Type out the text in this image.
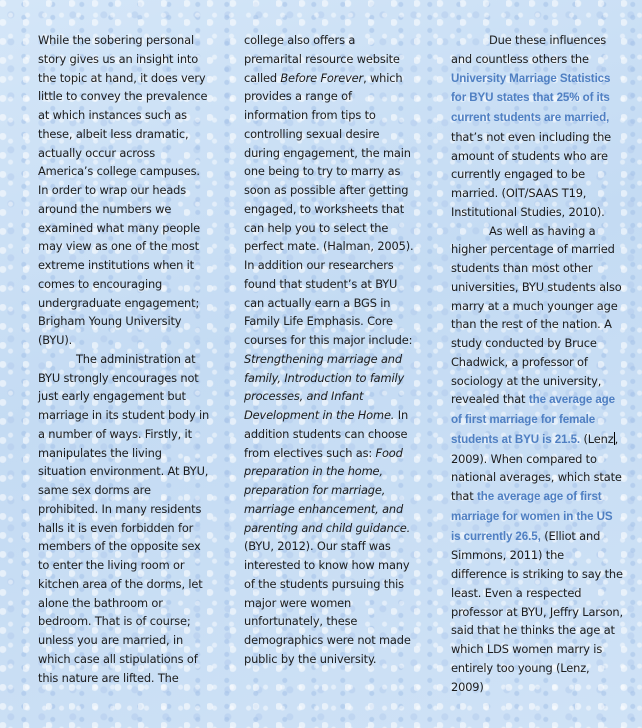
While the sobering personal story gives us an insight into the topic at hand, it does very little to convey the prevalence at which instances such as these, albeit less dramatic, actually occur across America’s college campuses. In order to wrap our heads around the numbers we examined what many people may view as one of the most extreme institutions when it comes to encouraging undergraduate engagement; Brigham Young University (BYU).

The administration at BYU strongly encourages not just early engagement but marriage in its student body in a number of ways. Firstly, it manipulates the living situation environment. At BYU, same sex dorms are prohibited. In many residents halls it is even forbidden for members of the opposite sex to enter the living room or kitchen area of the dorms, let alone the bathroom or bedroom. That is of course; unless you are married, in which case all stipulations of this nature are lifted. The

college also offers a premarital resource website called Before Forever, which provides a range of information from tips to controlling sexual desire during engagement, the main one being to try to marry as soon as possible after getting engaged, to worksheets that can help you to select the perfect mate. (Halman, 2005). In addition our researchers found that student’s at BYU can actually earn a BGS in Family Life Emphasis. Core courses for this major include: Strengthening marriage and family, Introduction to family processes, and Infant Development in the Home. In addition students can choose from electives such as: Food preparation in the home, preparation for marriage, marriage enhancement, and parenting and child guidance. (BYU, 2012). Our staff was interested to know how many of the students pursuing this major were women unfortunately, these demographics were not made public by the university.

Due these influences and countless others the University Marriage Statistics for BYU states that 25% of its current students are married, that’s not even including the amount of students who are currently engaged to be married. (OIT/SAAS T19, Institutional Studies, 2010).

As well as having a higher percentage of married students than most other universities, BYU students also marry at a much younger age than the rest of the nation. A study conducted by Bruce Chadwick, a professor of sociology at the university, revealed that the average age of first marriage for female students at BYU is 21.5. (Lenz, 2009). When compared to national averages, which state that the average age of first marriage for women in the US is currently 26.5, (Elliot and Simmons, 2011) the difference is striking to say the least. Even a respected professor at BYU, Jeffry Larson, said that he thinks the age at which LDS women marry is entirely too young (Lenz, 2009)
